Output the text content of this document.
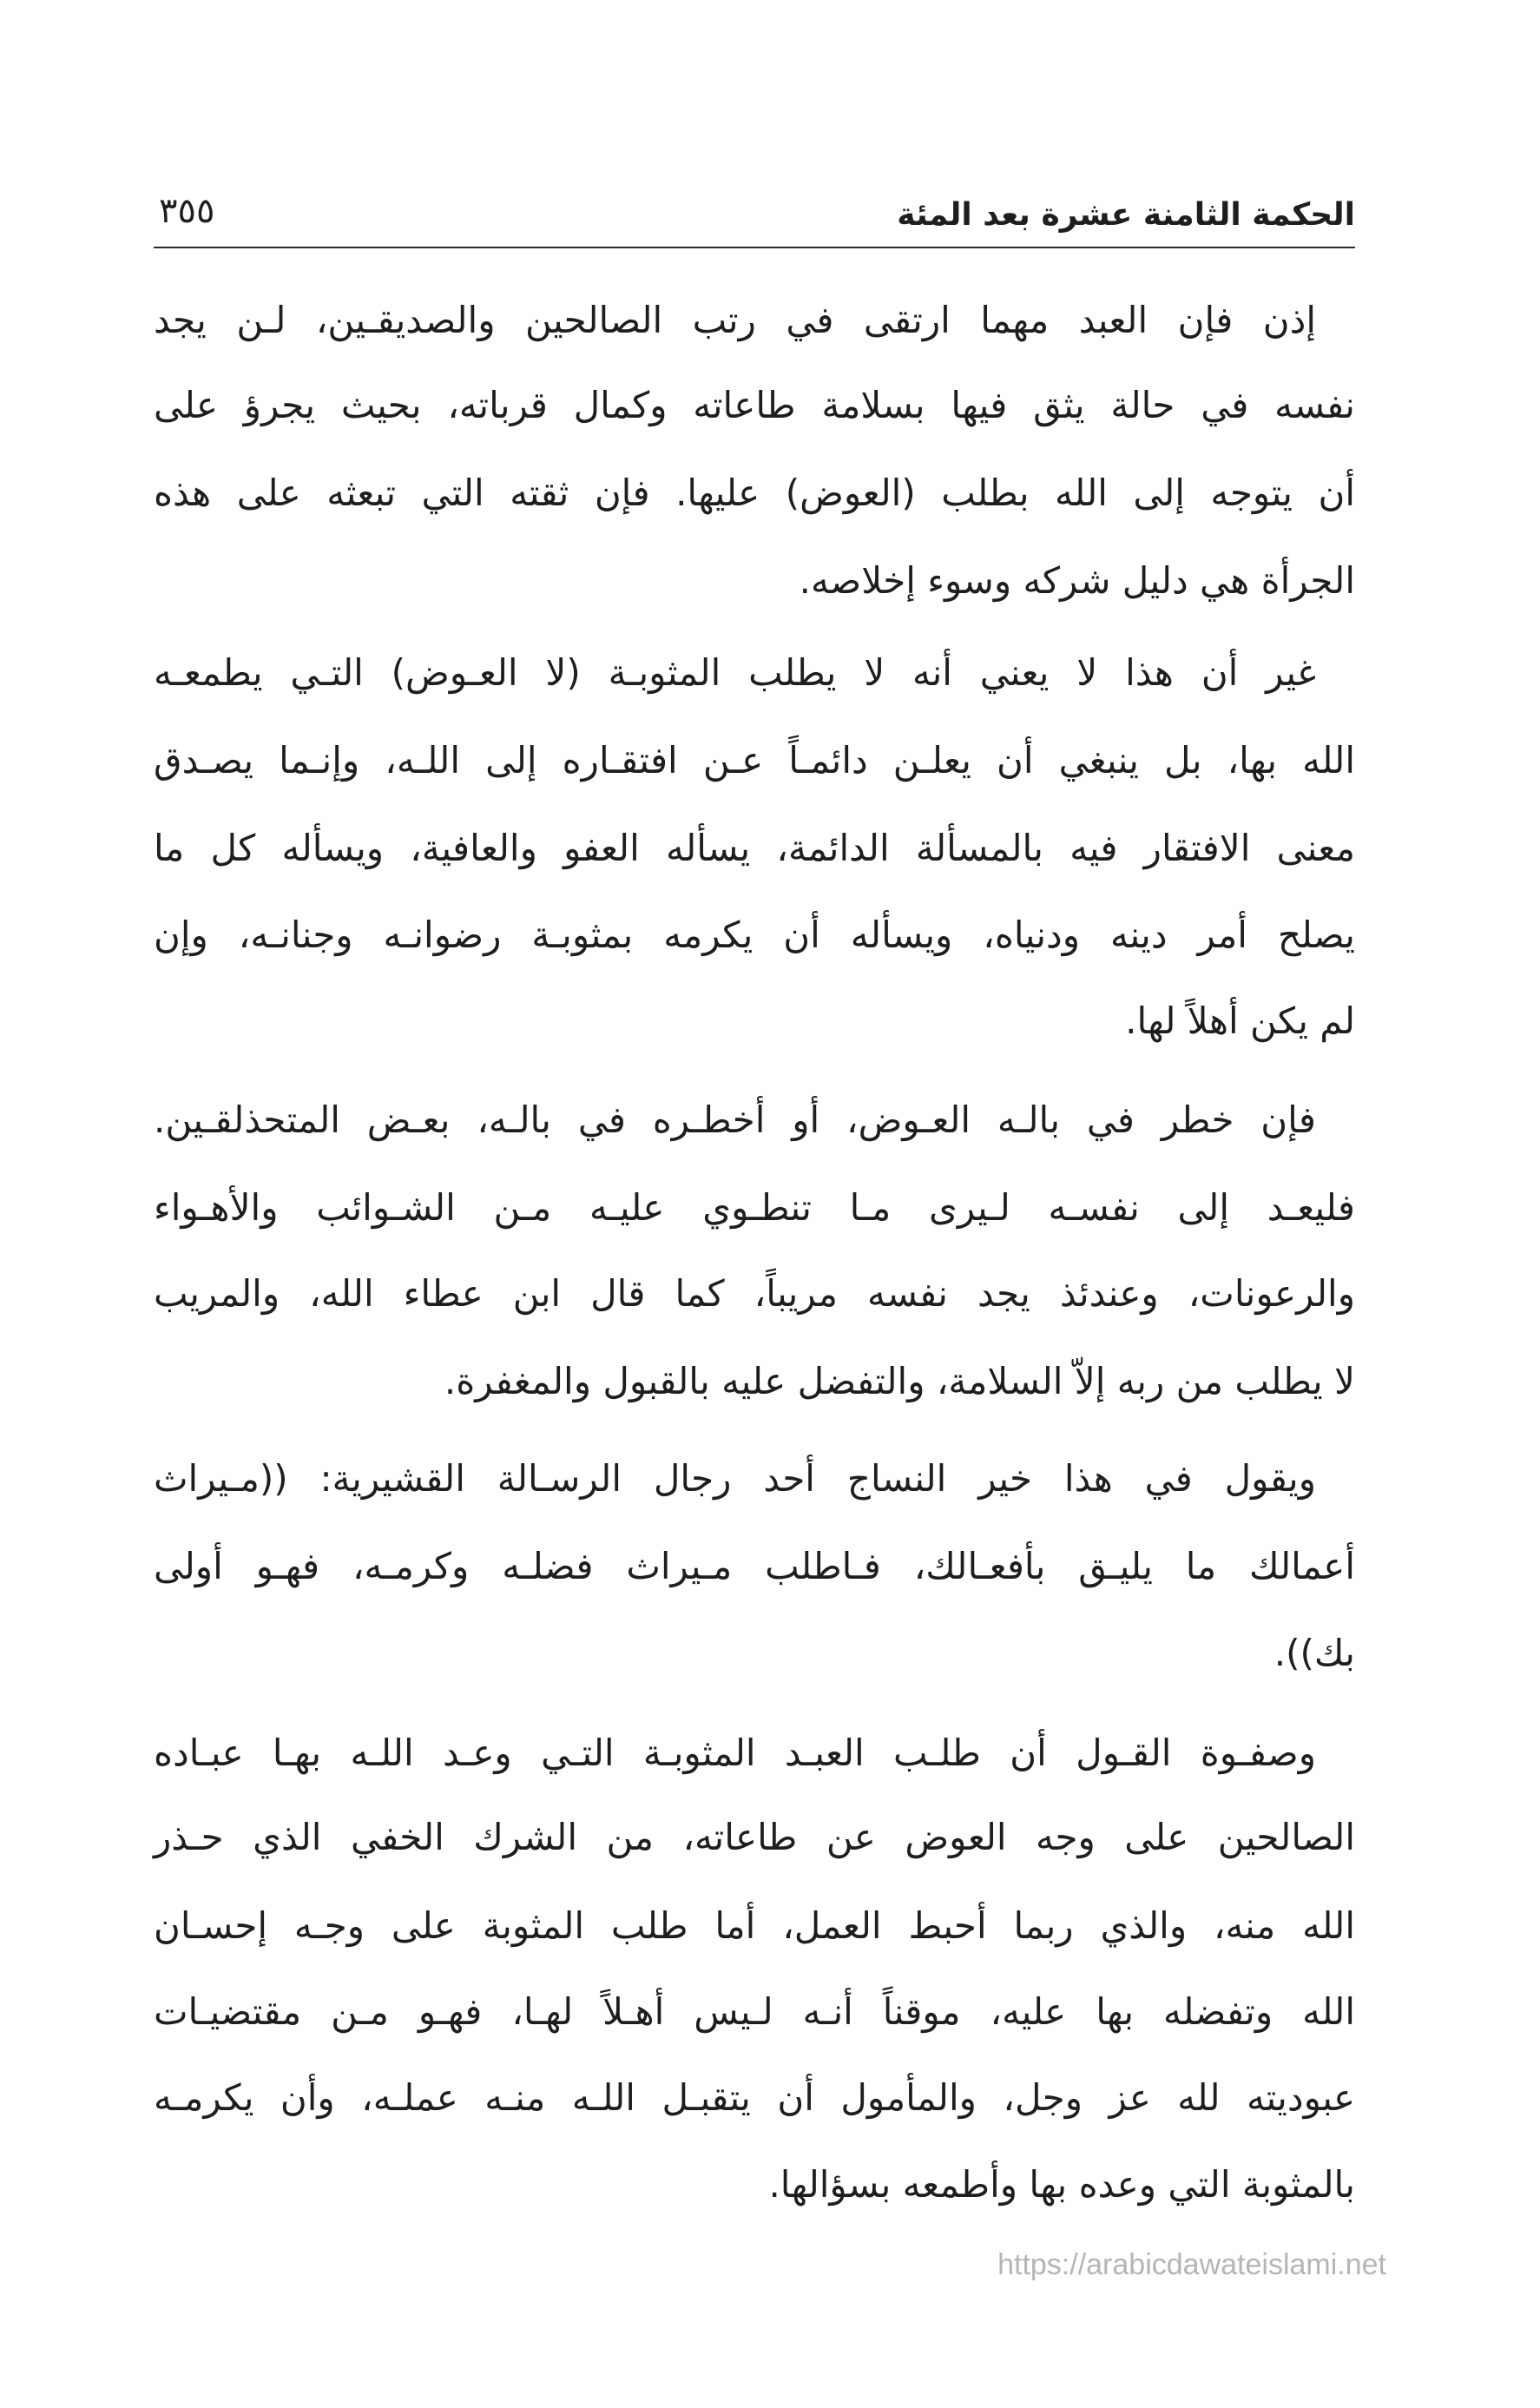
الحكمة الثامنة عشرة بعد المئة
٣٥٥
إذن فإن العبد مهما ارتقى في رتب الصالحين والصديقـين، لـن يجد
نفسه في حالة يثق فيها بسلامة طاعاته وكمال قرباته، بحيث يجرؤ على
أن يتوجه إلى الله بطلب (العوض) عليها. فإن ثقته التي تبعثه على هذه
الجرأة هي دليل شركه وسوء إخلاصه.
غير أن هذا لا يعني أنه لا يطلب المثوبـة (لا العـوض) التـي يطمعـه
الله بها، بل ينبغي أن يعلـن دائمـاً عـن افتقـاره إلى اللـه، وإنـما يصـدق
معنى الافتقار فيه بالمسألة الدائمة، يسأله العفو والعافية، ويسأله كل ما
يصلح أمر دينه ودنياه، ويسأله أن يكرمه بمثوبـة رضوانـه وجنانـه، وإن
لم يكن أهلاً لها.
فإن خطر في بالـه العـوض، أو أخطـره في بالـه، بعـض المتحذلقـين.
فليعـد إلى نفسـه لـيرى مـا تنطـوي عليـه مـن الشـوائب والأهـواء
والرعونات، وعندئذ يجد نفسه مريباً، كما قال ابن عطاء الله، والمريب
لا يطلب من ربه إلاّ السلامة، والتفضل عليه بالقبول والمغفرة.
ويقول في هذا خير النساج أحد رجال الرسـالة القشيرية: ((مـيراث
أعمالك ما يليـق بأفعـالك، فـاطلب مـيراث فضلـه وكرمـه، فهـو أولى
بك)).
وصفـوة القـول أن طلـب العبـد المثوبـة التـي وعـد اللـه بهـا عبـاده
الصالحين على وجه العوض عن طاعاته، من الشرك الخفي الذي حـذر
الله منه، والذي ربما أحبط العمل، أما طلب المثوبة على وجـه إحسـان
الله وتفضله بها عليه، موقناً أنـه لـيس أهـلاً لهـا، فهـو مـن مقتضيـات
عبوديته لله عز وجل، والمأمول أن يتقبـل اللـه منـه عملـه، وأن يكرمـه
بالمثوبة التي وعده بها وأطمعه بسؤالها.
https://arabicdawateislami.net
